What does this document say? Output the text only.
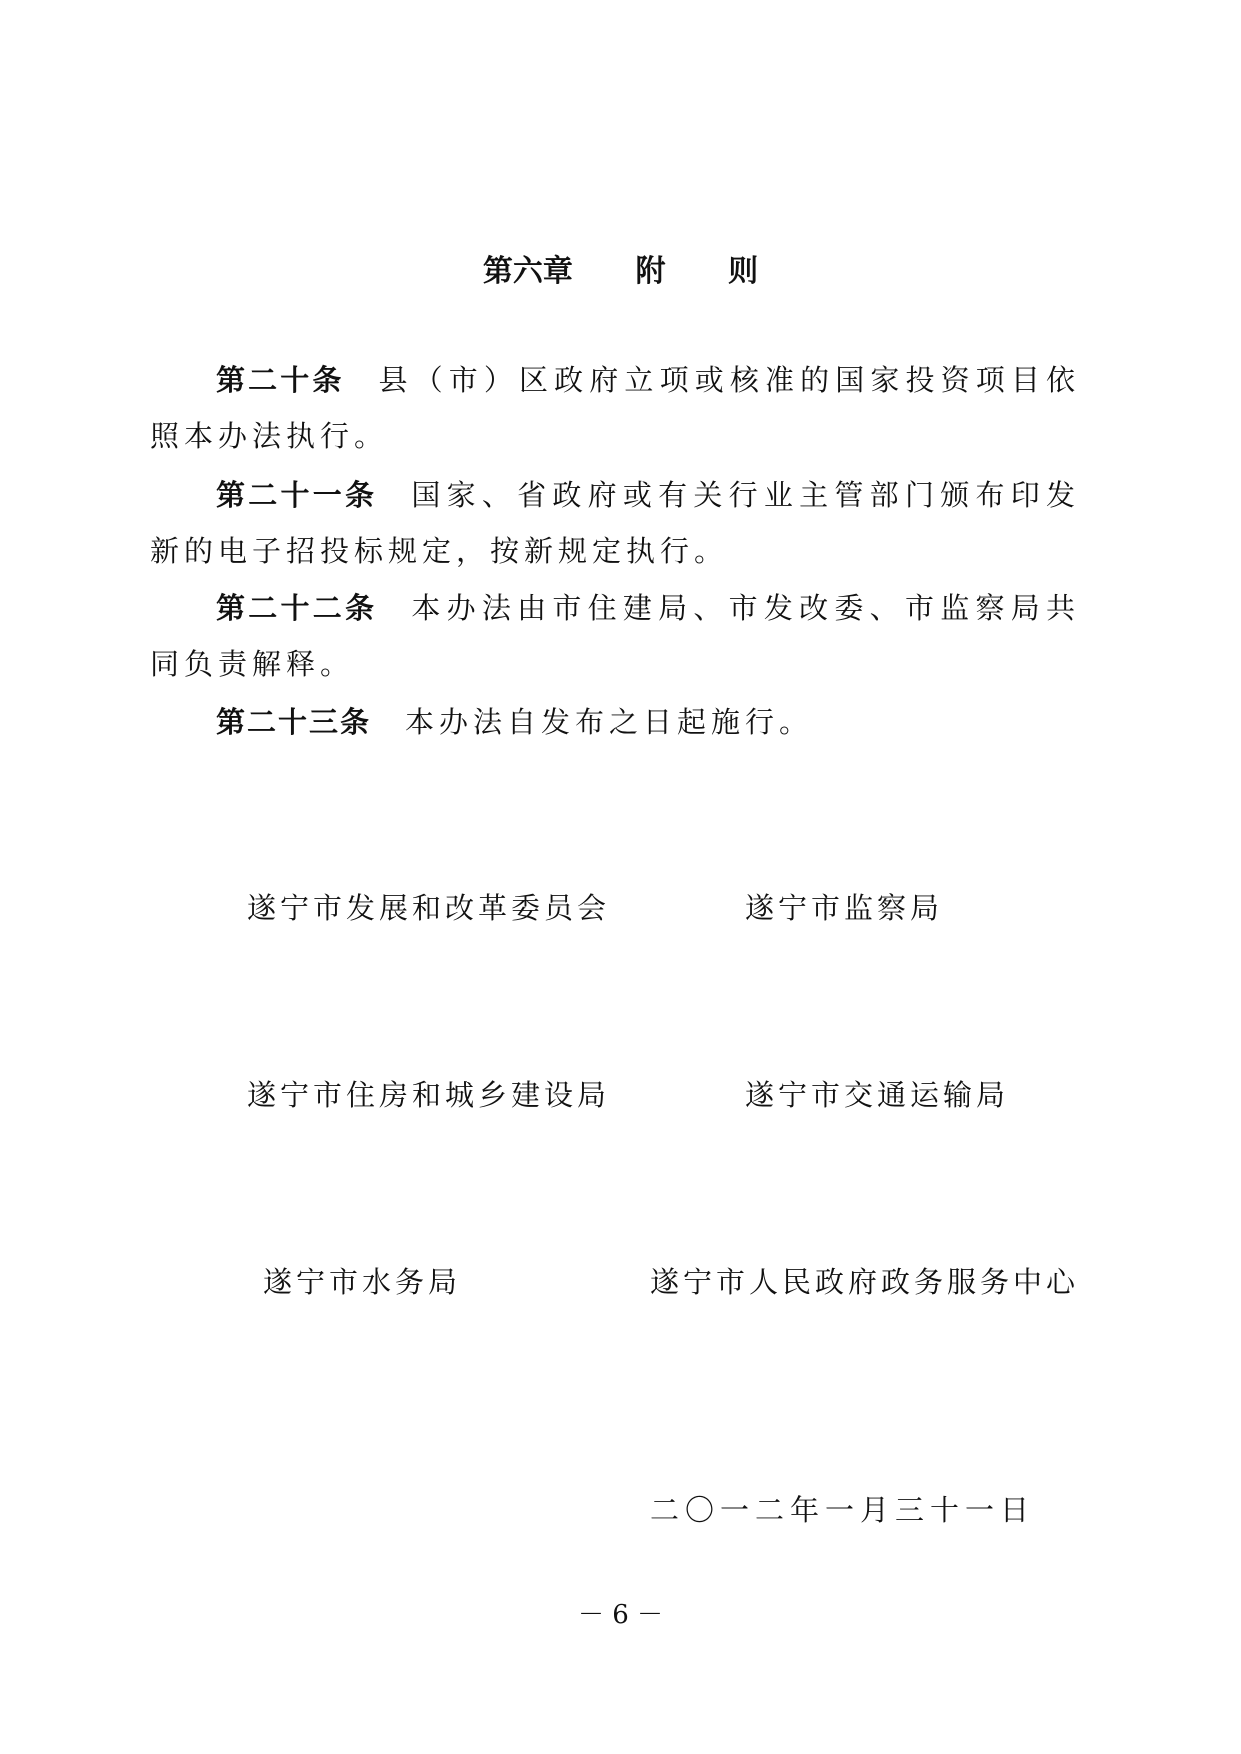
第六章      附      则

第二十条 县（市）区政府立项或核准的国家投资项目依照本办法执行。

第二十一条 国家、省政府或有关行业主管部门颁布印发新的电子招投标规定，按新规定执行。

第二十二条 本办法由市住建局、市发改委、市监察局共同负责解释。

第二十三条 本办法自发布之日起施行。

遂宁市发展和改革委员会	遂宁市监察局
遂宁市住房和城乡建设局	遂宁市交通运输局
遂宁市水务局	遂宁市人民政府政务服务中心
二〇一二年一月三十一日
－ 6 －
